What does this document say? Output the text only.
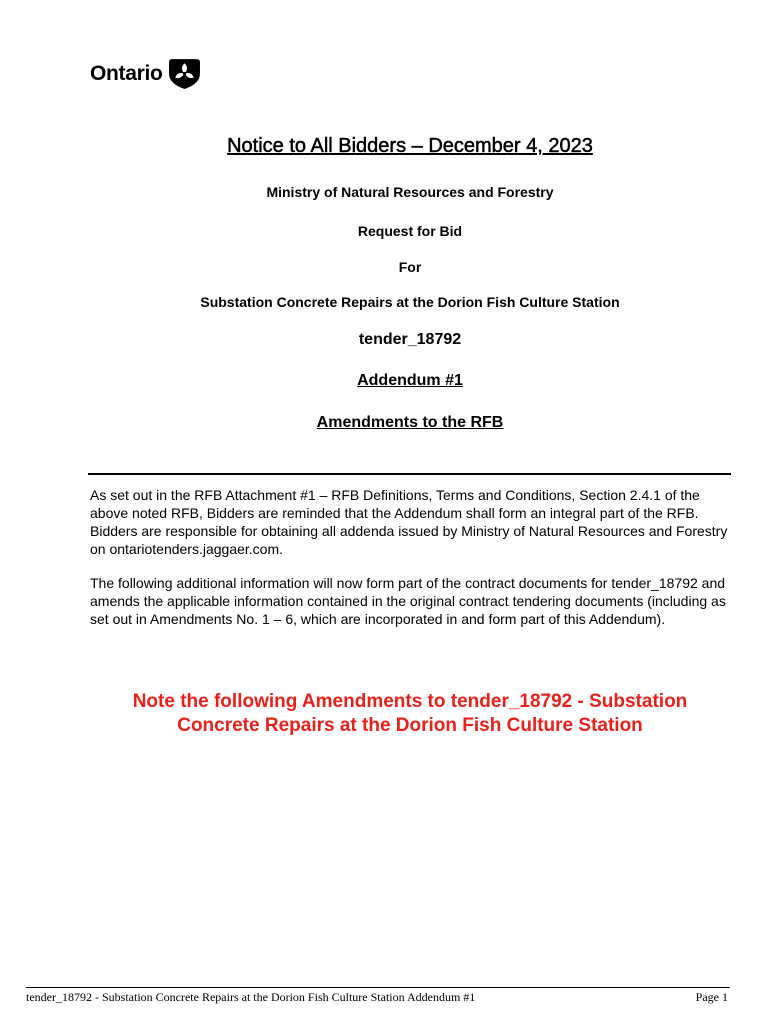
Ontario
Notice to All Bidders – December 4, 2023
Ministry of Natural Resources and Forestry
Request for Bid
For
Substation Concrete Repairs at the Dorion Fish Culture Station
tender_18792
Addendum #1
Amendments to the RFB
As set out in the RFB Attachment #1 – RFB Definitions, Terms and Conditions, Section 2.4.1 of the above noted RFB, Bidders are reminded that the Addendum shall form an integral part of the RFB. Bidders are responsible for obtaining all addenda issued by Ministry of Natural Resources and Forestry on ontariotenders.jaggaer.com.
The following additional information will now form part of the contract documents for tender_18792 and amends the applicable information contained in the original contract tendering documents (including as set out in Amendments No. 1 – 6, which are incorporated in and form part of this Addendum).
Note the following Amendments to tender_18792 - Substation Concrete Repairs at the Dorion Fish Culture Station
tender_18792 - Substation Concrete Repairs at the Dorion Fish Culture Station Addendum #1	Page 1
